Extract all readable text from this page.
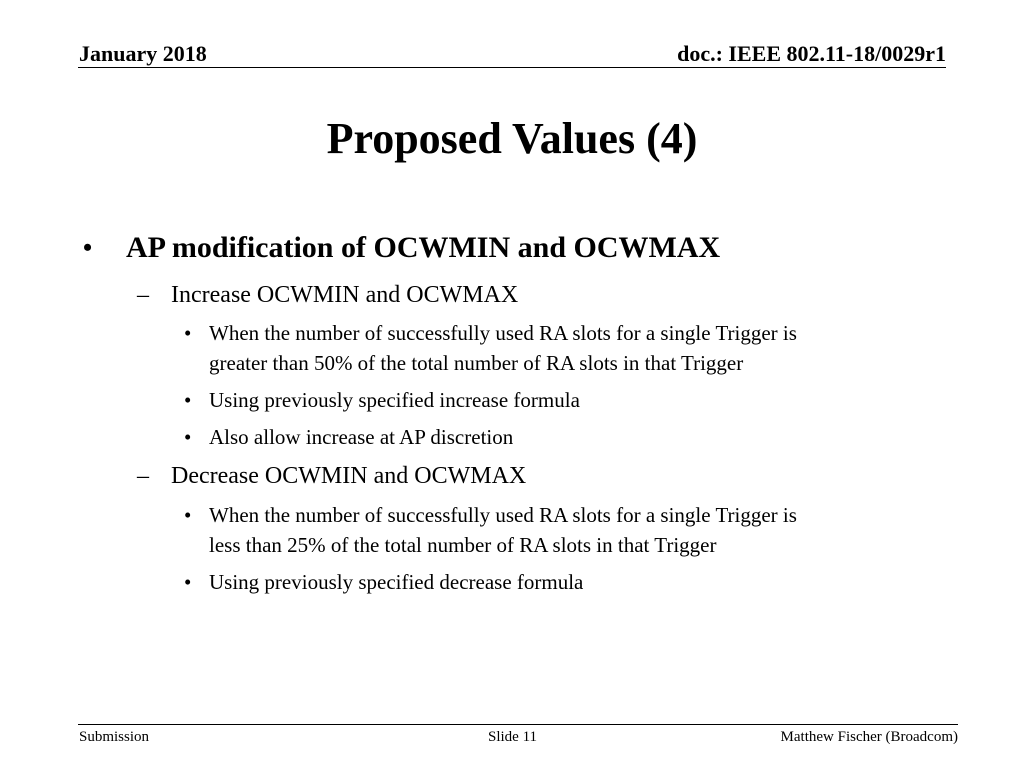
January 2018	doc.: IEEE 802.11-18/0029r1
Proposed Values (4)
• AP modification of OCWMIN and OCWMAX
– Increase OCWMIN and OCWMAX
• When the number of successfully used RA slots for a single Trigger is
greater than 50% of the total number of RA slots in that Trigger
• Using previously specified increase formula
• Also allow increase at AP discretion
– Decrease OCWMIN and OCWMAX
• When the number of successfully used RA slots for a single Trigger is
less than 25% of the total number of RA slots in that Trigger
• Using previously specified decrease formula
Submission	Slide 11	Matthew Fischer (Broadcom)
